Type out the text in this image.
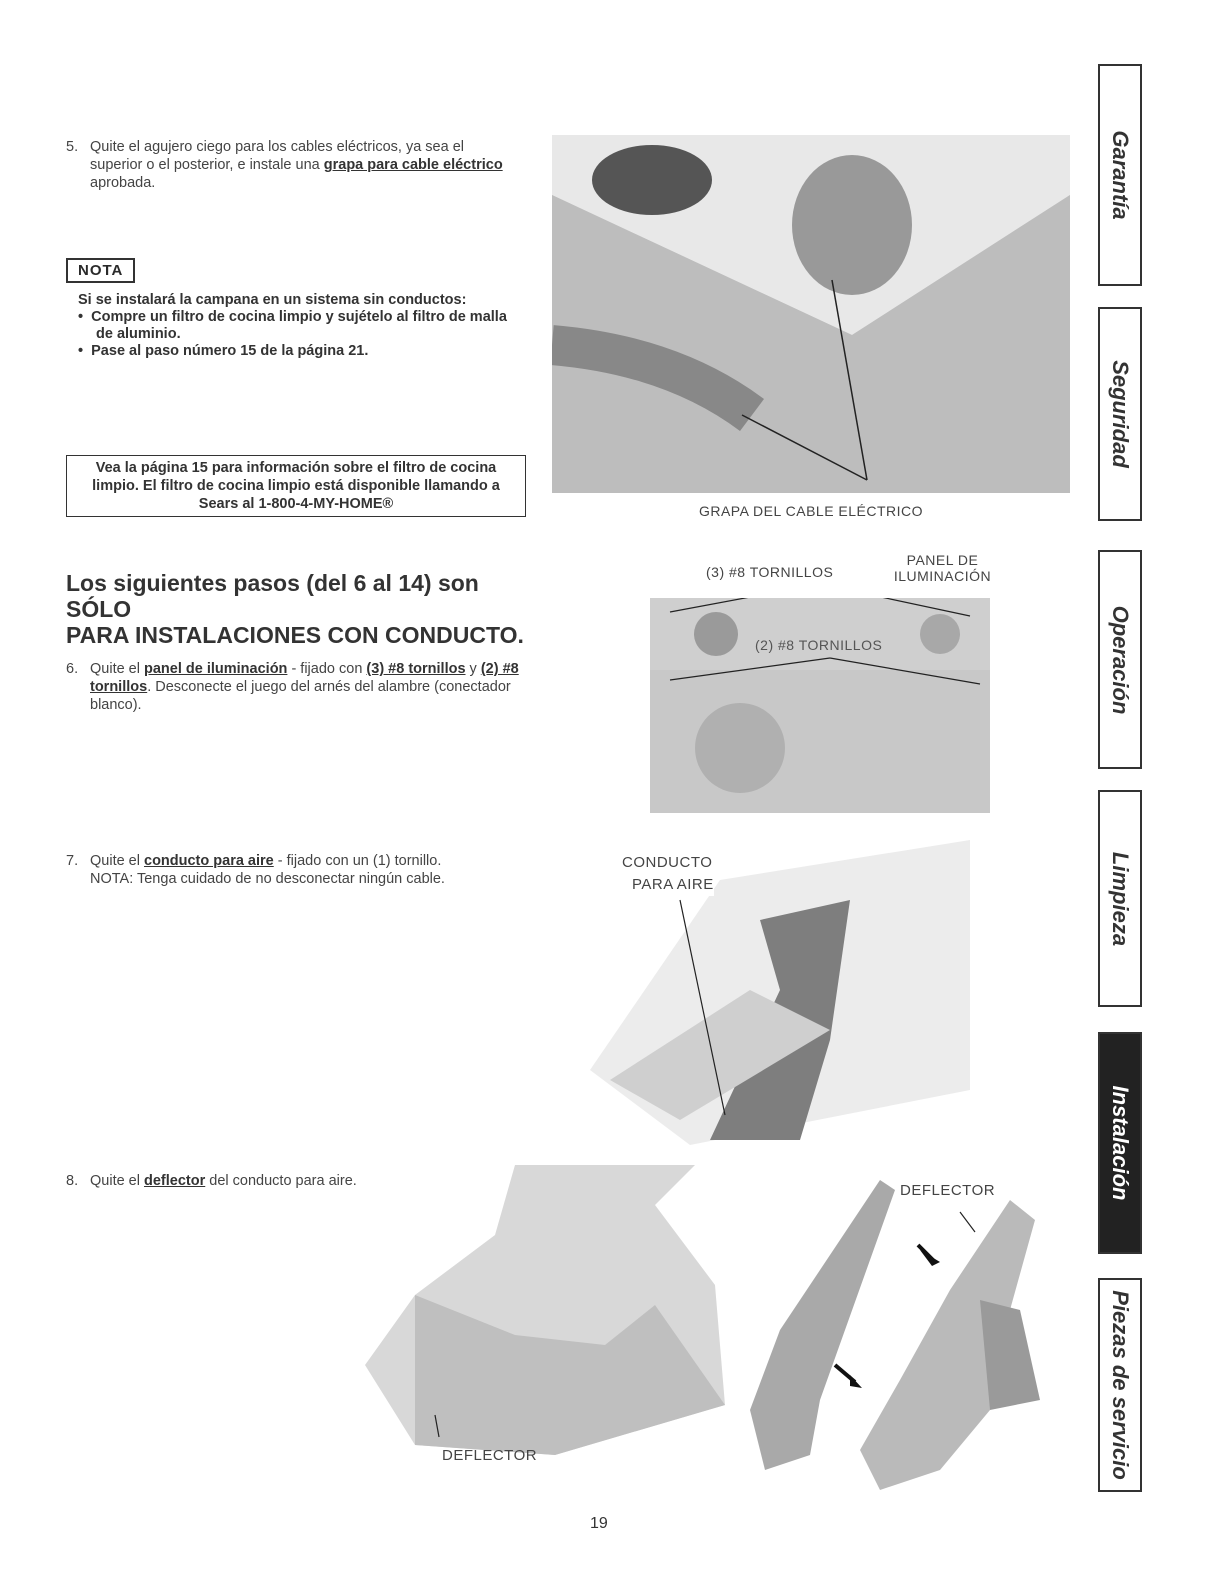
5. Quite el agujero ciego para los cables eléctricos, ya sea el superior o el posterior, e instale una grapa para cable eléctrico aprobada.
GRAPA DEL CABLE ELÉCTRICO
NOTA
Si se instalará la campana en un sistema sin conductos:
•  Compre un filtro de cocina limpio y sujételo al filtro de malla de aluminio.
•  Pase al paso número 15 de la página 21.
Vea la página 15 para información sobre el filtro de cocina limpio. El filtro de cocina limpio está disponible llamando a Sears al 1-800-4-MY-HOME®
Los siguientes pasos (del 6 al 14) son SÓLO
PARA INSTALACIONES CON CONDUCTO.
6. Quite el panel de iluminación - fijado con (3) #8 tornillos y (2) #8 tornillos. Desconecte el juego del arnés del alambre (conectador blanco).
(3) #8 TORNILLOS
PANEL DE
ILUMINACIÓN
(2) #8 TORNILLOS
7. Quite el conducto para aire - fijado con un (1) tornillo.
NOTA: Tenga cuidado de no desconectar ningún cable.
CONDUCTO
PARA AIRE
8. Quite el deflector del conducto para aire.
DEFLECTOR
DEFLECTOR
Garantía
Seguridad
Operación
Limpieza
Instalación
Piezas de servicio
19
